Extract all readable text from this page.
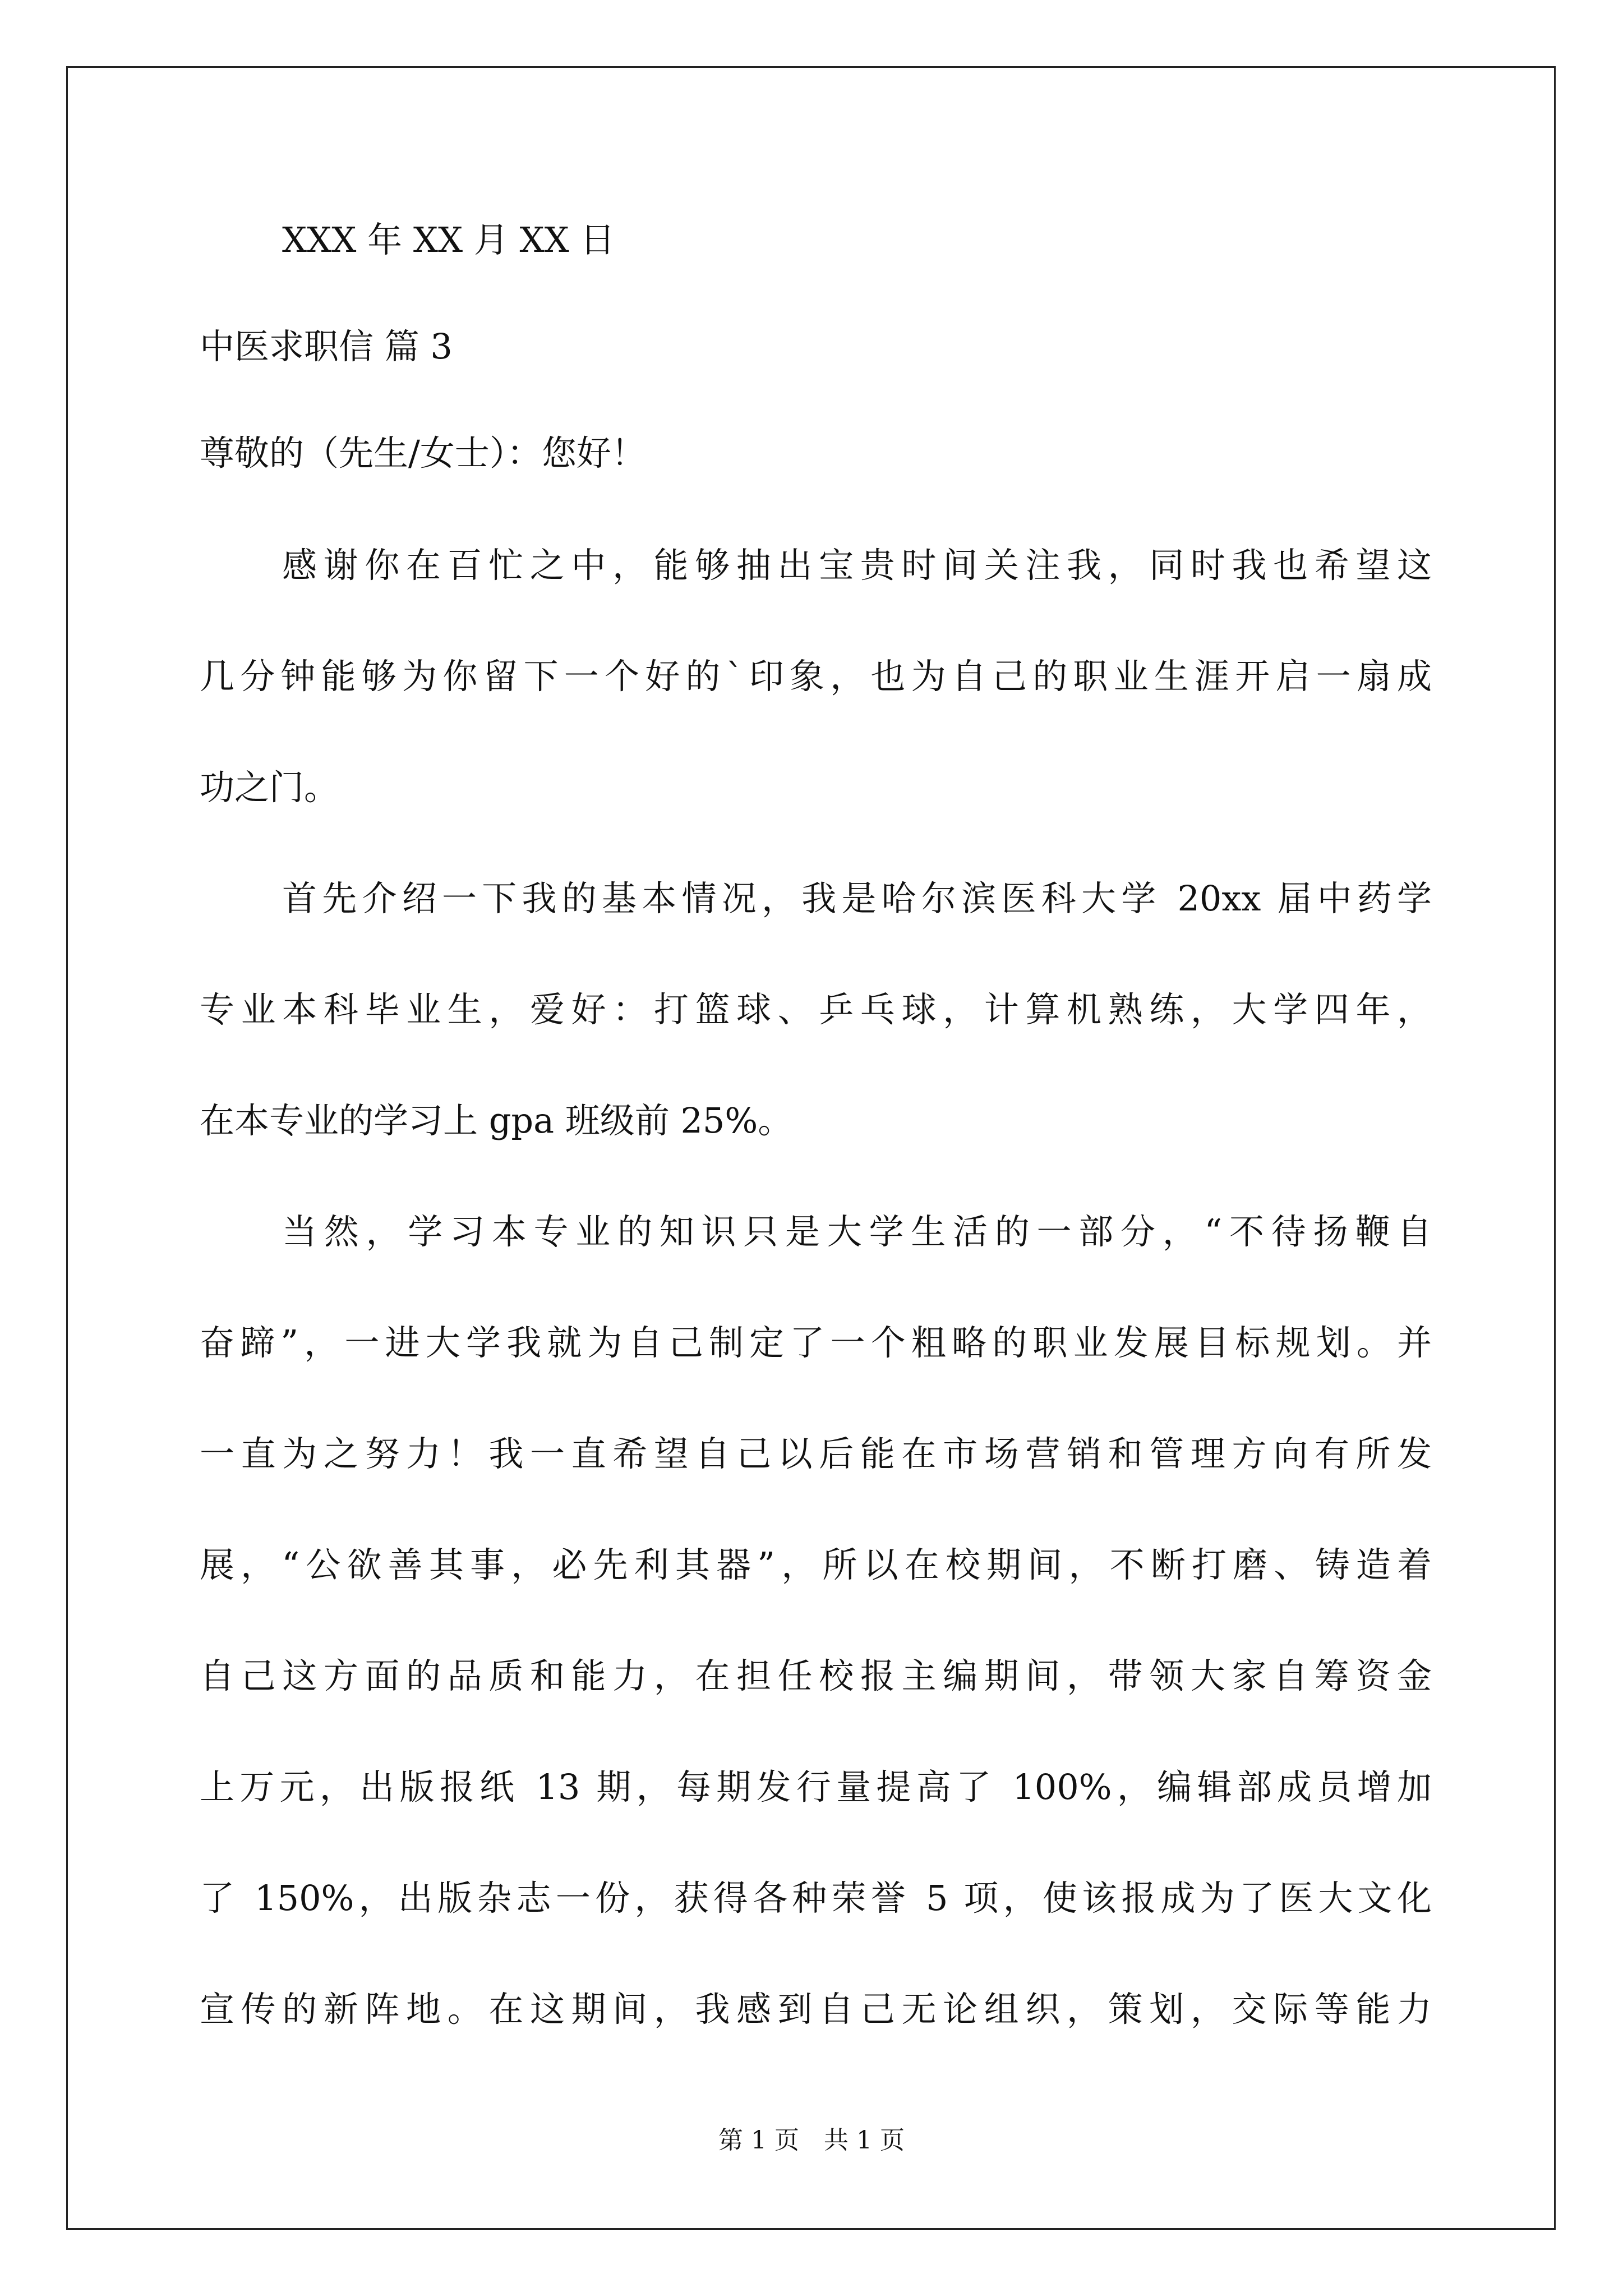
XXX 年 XX 月 XX 日
中医求职信 篇 3
尊敬的（先生/女士）：您好！
感谢你在百忙之中，能够抽出宝贵时间关注我，同时我也希望这
几分钟能够为你留下一个好的`印象，也为自己的职业生涯开启一扇成
功之门。
首先介绍一下我的基本情况，我是哈尔滨医科大学 20xx 届中药学
专业本科毕业生，爱好：打篮球、乒乓球，计算机熟练，大学四年，
在本专业的学习上 gpa 班级前 25%。
当然，学习本专业的知识只是大学生活的一部分，“不待扬鞭自
奋蹄”，一进大学我就为自己制定了一个粗略的职业发展目标规划。并
一直为之努力！我一直希望自己以后能在市场营销和管理方向有所发
展，“公欲善其事，必先利其器”，所以在校期间，不断打磨、铸造着
自己这方面的品质和能力，在担任校报主编期间，带领大家自筹资金
上万元，出版报纸 13 期，每期发行量提高了 100%，编辑部成员增加
了 150%，出版杂志一份，获得各种荣誉 5 项，使该报成为了医大文化
宣传的新阵地。在这期间，我感到自己无论组织，策划，交际等能力
第 1 页　共 1 页
